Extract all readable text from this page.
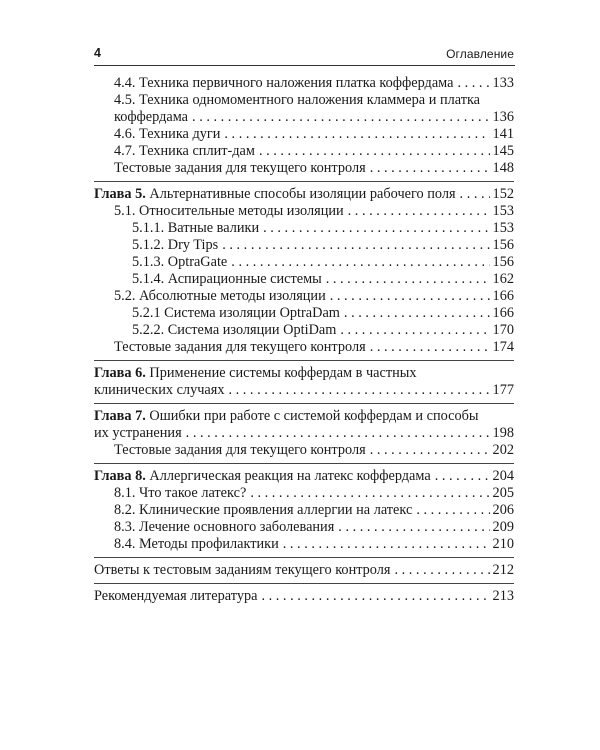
4	Оглавление
4.4. Техника первичного наложения платка коффердама . . .	133
4.5. Техника одномоментного наложения кламмера и платка
коффердама . . .	136
4.6. Техника дуги . . .	141
4.7. Техника сплит-дам . . .	145
Тестовые задания для текущего контроля . . .	148
Глава 5. Альтернативные способы изоляции рабочего поля . . .	152
5.1. Относительные методы изоляции . . .	153
5.1.1. Ватные валики . . .	153
5.1.2. Dry Tips . . .	156
5.1.3. OptraGate . . .	156
5.1.4. Аспирационные системы . . .	162
5.2. Абсолютные методы изоляции . . .	166
5.2.1 Система изоляции OptraDam . . .	166
5.2.2. Система изоляции OptiDam . . .	170
Тестовые задания для текущего контроля . . .	174
Глава 6. Применение системы коффердам в частных
клинических случаях . . .	177
Глава 7. Ошибки при работе с системой коффердам и способы
их устранения . . .	198
Тестовые задания для текущего контроля . . .	202
Глава 8. Аллергическая реакция на латекс коффердама . . .	204
8.1. Что такое латекс? . . .	205
8.2. Клинические проявления аллергии на латекс . . .	206
8.3. Лечение основного заболевания . . .	209
8.4. Методы профилактики . . .	210
Ответы к тестовым заданиям текущего контроля . . .	212
Рекомендуемая литература . . .	213
